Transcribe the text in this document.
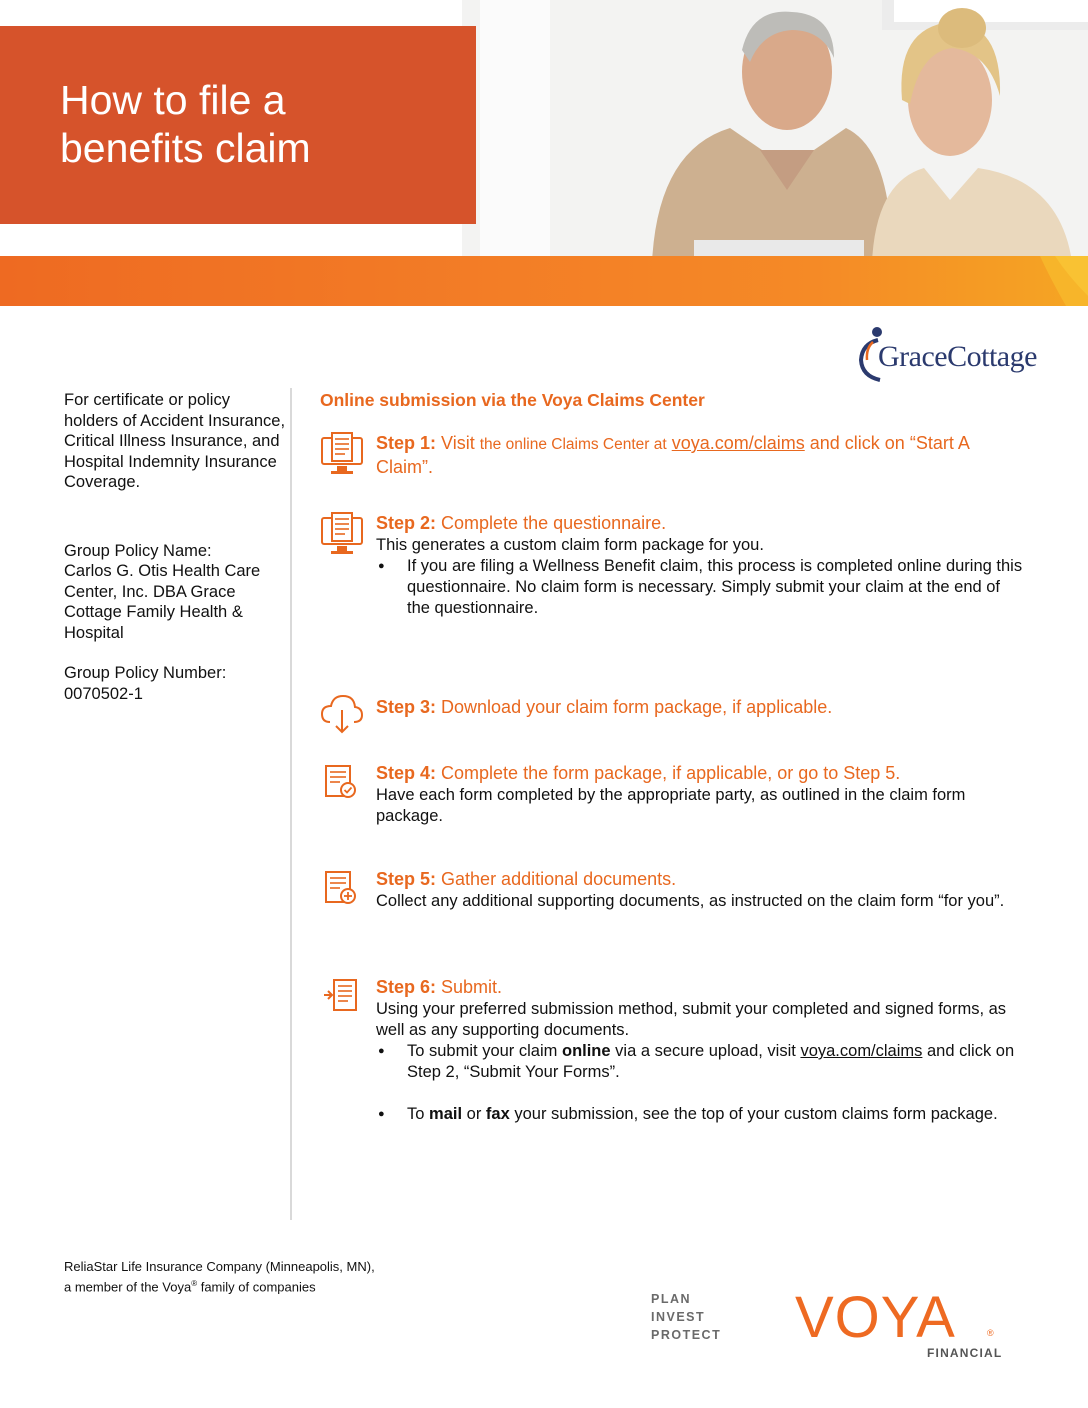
How to file a
benefits claim
GraceCottage

For certificate or policy holders of Accident Insurance, Critical Illness Insurance, and Hospital Indemnity Insurance Coverage.

Group Policy Name:

Carlos G. Otis Health Care Center, Inc. DBA Grace Cottage Family Health & Hospital

Group Policy Number:

0070502-1

Online submission via the Voya Claims Center

Step 1: Visit the online Claims Center at voya.com/claims and click on “Start A Claim”.

Step 2: Complete the questionnaire.

This generates a custom claim form package for you.

● If you are filing a Wellness Benefit claim, this process is completed online during this questionnaire. No claim form is necessary. Simply submit your claim at the end of the questionnaire.

Step 3: Download your claim form package, if applicable.

Step 4: Complete the form package, if applicable, or go to Step 5.

Have each form completed by the appropriate party, as outlined in the claim form package.

Step 5: Gather additional documents.

Collect any additional supporting documents, as instructed on the claim form “for you”.

Step 6: Submit.

Using your preferred submission method, submit your completed and signed forms, as well as any supporting documents.

● To submit your claim online via a secure upload, visit voya.com/claims and click on Step 2, “Submit Your Forms”.
● To mail or fax your submission, see the top of your custom claims form package.
ReliaStar Life Insurance Company (Minneapolis, MN),
a member of the Voya® family of companies
PLAN
INVEST
PROTECT VOYA	®
FINANCIAL
